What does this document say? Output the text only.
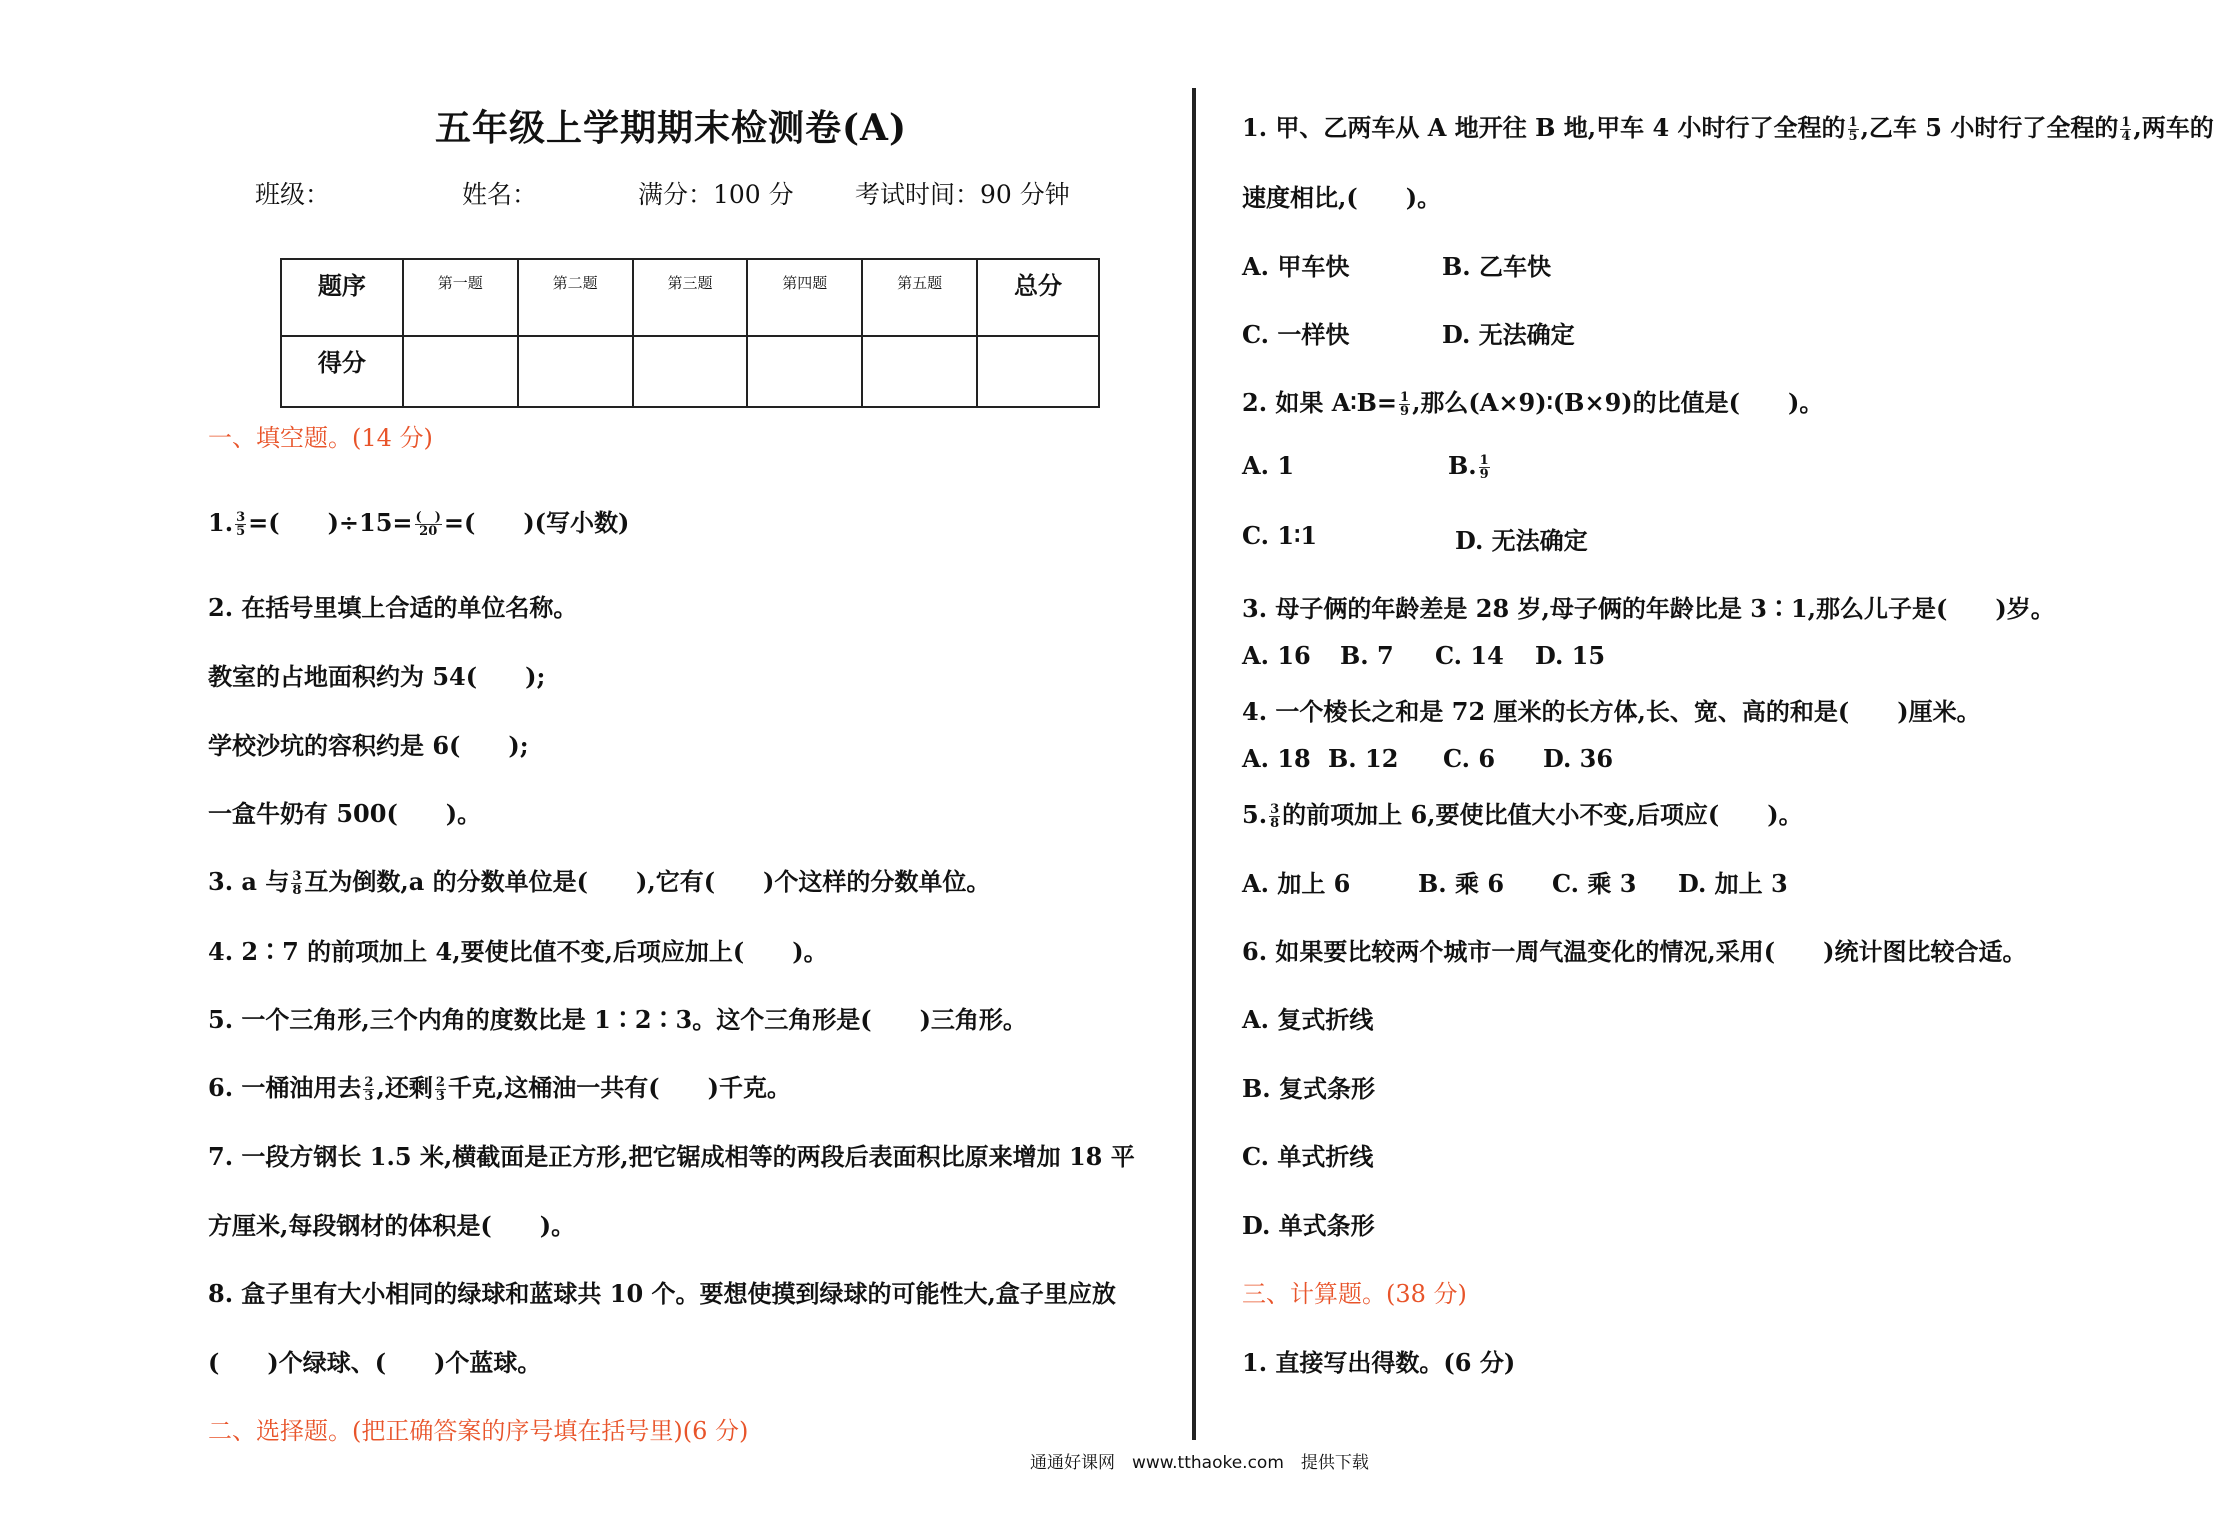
五年级上学期期末检测卷(A)
班级：	姓名：	满分：100 分 考试时间：90 分钟
题序	第一题	第二题	第三题	第四题	第五题	总分
得分						
一、填空题。(14 分)
1. $\frac{3}{5}$ =(　　)$\div 15= \frac{( )}{20}$ =(　　)(写小数)
2. 在括号里填上合适的单位名称。
教室的占地面积约为 54(　　);
学校沙坑的容积约是 6(　　);
一盒牛奶有 500(　　)。
3. a 与 $\frac{3}{8}$ 互为倒数,a 的分数单位是(　　),它有(　　)个这样的分数单位。
4. 2∶7 的前项加上 4,要使比值不变,后项应加上(　　)。
5. 一个三角形,三个内角的度数比是 1∶2∶3。这个三角形是(　　)三角形。
6. 一桶油用去 $\frac{2}{3}$ ,还剩 $\frac{2}{3}$ 千克,这桶油一共有(　　)千克。
7. 一段方钢长 1.5 米,横截面是正方形,把它锯成相等的两段后表面积比原来增加 18 平
方厘米,每段钢材的体积是(　　)。
8. 盒子里有大小相同的绿球和蓝球共 10 个。要想使摸到绿球的可能性大,盒子里应放
(　　)个绿球、(　　)个蓝球。
二、选择题。(把正确答案的序号填在括号里)(6 分)
1. 甲、乙两车从 A 地开往 B 地,甲车 4 小时行了全程的 $\frac{1}{5}$ ,乙车 5 小时行了全程的 $\frac{1}{4}$ ,两车的
速度相比,(　　)。
A. 甲车快	B. 乙车快
C. 一样快	D. 无法确定
2. 如果 A∶B= $\frac{1}{9}$ ,那么(A×9)∶(B×9)的比值是(　　)。
A. 1	B. $\frac{1}{9}$
C. 1∶1	D. 无法确定
3. 母子俩的年龄差是 28 岁,母子俩的年龄比是 3∶1,那么儿子是(　　)岁。
A. 16 B. 7 C. 14 D. 15
4. 一个棱长之和是 72 厘米的长方体,长、宽、高的和是(　　)厘米。
A. 18 B. 12 C. 6 D. 36
5. $\frac{3}{8}$ 的前项加上 6,要使比值大小不变,后项应(　　)。
A. 加上 6	B. 乘 6 C. 乘 3 D. 加上 3
6. 如果要比较两个城市一周气温变化的情况,采用(　　)统计图比较合适。
A. 复式折线
B. 复式条形
C. 单式折线
D. 单式条形
三、计算题。(38 分)
1. 直接写出得数。(6 分)
通通好课网　www.tthaoke.com　提供下载
